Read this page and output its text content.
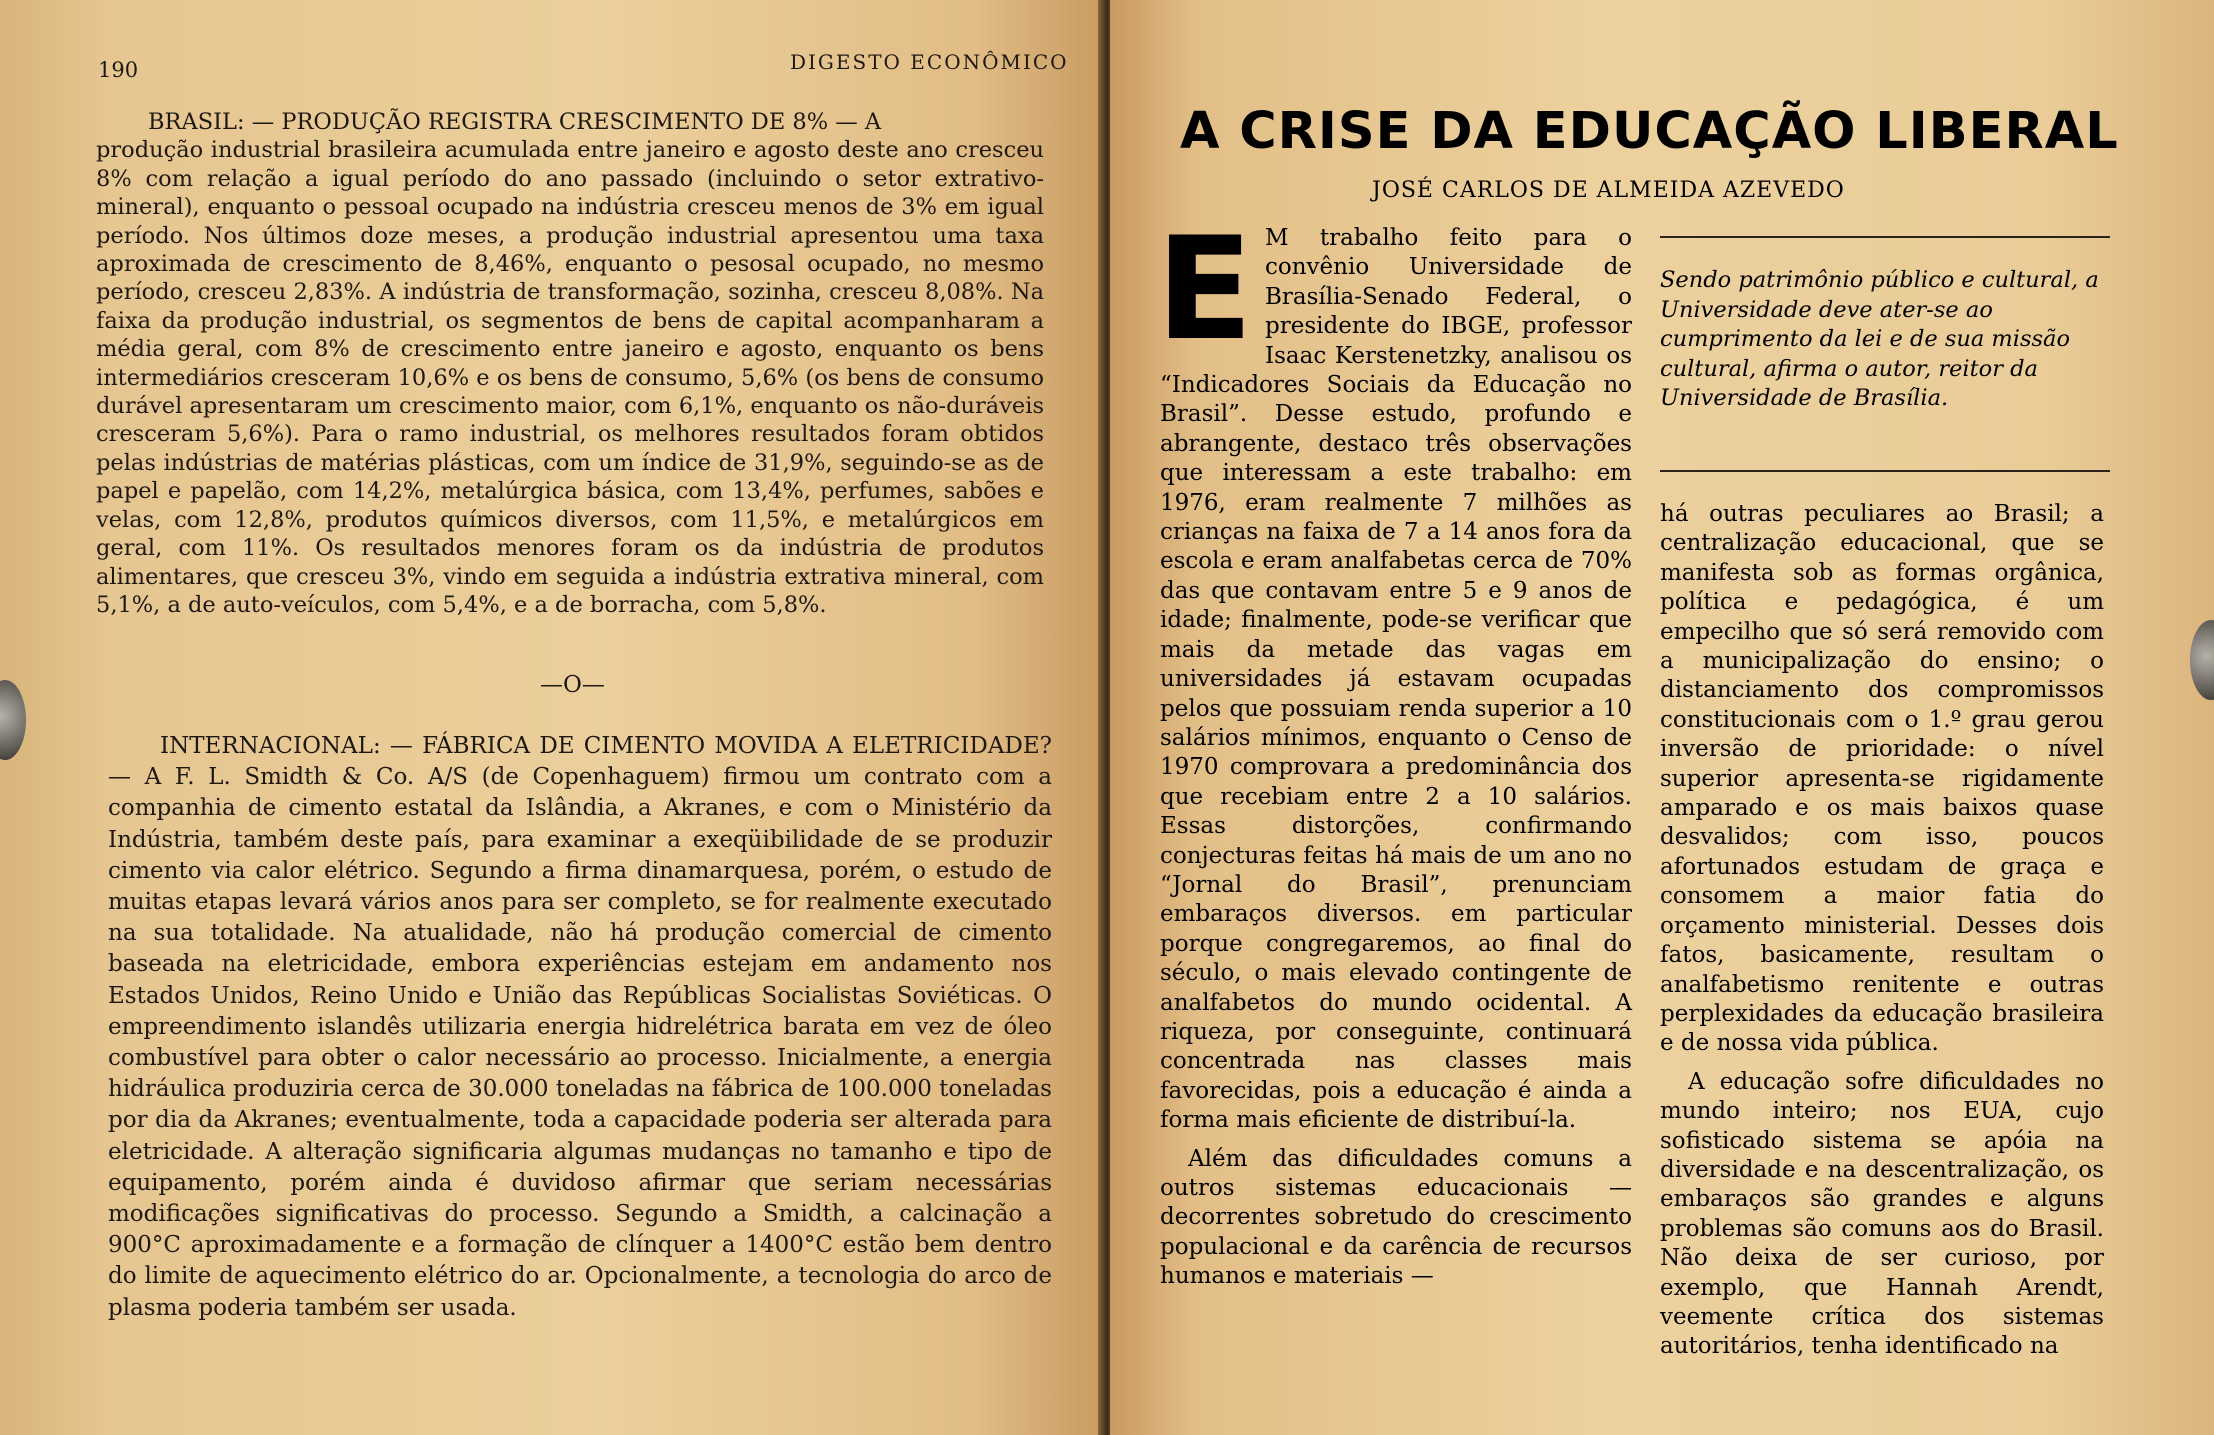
190	DIGESTO ECONÔMICO

BRASIL: — PRODUÇÃO REGISTRA CRESCIMENTO DE 8% — A
produção industrial brasileira acumulada entre janeiro e agosto deste ano cresceu 8% com relação a igual período do ano passado (incluindo o setor extrativo-mineral), enquanto o pessoal ocupado na indústria cresceu menos de 3% em igual período. Nos últimos doze meses, a produção industrial apresentou uma taxa aproximada de crescimento de 8,46%, enquanto o pesosal ocupado, no mesmo período, cresceu 2,83%. A indústria de transformação, sozinha, cresceu 8,08%. Na faixa da produção industrial, os segmentos de bens de capital acompanharam a média geral, com 8% de crescimento entre janeiro e agosto, enquanto os bens intermediários cresceram 10,6% e os bens de consumo, 5,6% (os bens de consumo durável apresentaram um crescimento maior, com 6,1%, enquanto os não-duráveis cresceram 5,6%). Para o ramo industrial, os melhores resultados foram obtidos pelas indústrias de matérias plásticas, com um índice de 31,9%, seguindo-se as de papel e papelão, com 14,2%, metalúrgica básica, com 13,4%, perfumes, sabões e velas, com 12,8%, produtos químicos diversos, com 11,5%, e metalúrgicos em geral, com 11%. Os resultados menores foram os da indústria de produtos alimentares, que cresceu 3%, vindo em seguida a indústria extrativa mineral, com 5,1%, a de auto-veículos, com 5,4%, e a de borracha, com 5,8%.

—O—

INTERNACIONAL: — FÁBRICA DE CIMENTO MOVIDA A ELETRICIDADE? — A F. L. Smidth & Co. A/S (de Copenhaguem) firmou um contrato com a companhia de cimento estatal da Islândia, a Akranes, e com o Ministério da Indústria, também deste país, para examinar a exeqüibilidade de se produzir cimento via calor elétrico. Segundo a firma dinamarquesa, porém, o estudo de muitas etapas levará vários anos para ser completo, se for realmente executado na sua totalidade. Na atualidade, não há produção comercial de cimento baseada na eletricidade, embora experiências estejam em andamento nos Estados Unidos, Reino Unido e União das Repúblicas Socialistas Soviéticas. O empreendimento islandês utilizaria energia hidrelétrica barata em vez de óleo combustível para obter o calor necessário ao processo. Inicialmente, a energia hidráulica produziria cerca de 30.000 toneladas na fábrica de 100.000 toneladas por dia da Akranes; eventualmente, toda a capacidade poderia ser alterada para eletricidade. A alteração significaria algumas mudanças no tamanho e tipo de equipamento, porém ainda é duvidoso afirmar que seriam necessárias modificações significativas do processo. Segundo a Smidth, a calcinação a 900°C aproximadamente e a formação de clínquer a 1400°C estão bem dentro do limite de aquecimento elétrico do ar. Opcionalmente, a tecnologia do arco de plasma poderia também ser usada.

A CRISE DA EDUCAÇÃO LIBERAL
JOSÉ CARLOS DE ALMEIDA AZEVEDO

E M trabalho feito para o convênio Universidade de Brasília-Senado Federal, o presidente do IBGE, professor Isaac Kerstenetzky, analisou os “Indicadores Sociais da Educação no Brasil”. Desse estudo, profundo e abrangente, destaco três observações que interessam a este trabalho: em 1976, eram realmente 7 milhões as crianças na faixa de 7 a 14 anos fora da escola e eram analfabetas cerca de 70% das que contavam entre 5 e 9 anos de idade; finalmente, pode-se verificar que mais da metade das vagas em universidades já estavam ocupadas pelos que possuiam renda superior a 10 salários mínimos, enquanto o Censo de 1970 comprovara a predominância dos que recebiam entre 2 a 10 salários. Essas distorções, confirmando conjecturas feitas há mais de um ano no “Jornal do Brasil”, prenunciam embaraços diversos. em particular porque congregaremos, ao final do século, o mais elevado contingente de analfabetos do mundo ocidental. A riqueza, por conseguinte, continuará concentrada nas classes mais favorecidas, pois a educação é ainda a forma mais eficiente de distribuí-la.

Além das dificuldades comuns a outros sistemas educacionais — decorrentes sobretudo do crescimento populacional e da carência de recursos humanos e materiais —

Sendo patrimônio público e cultural, a Universidade deve ater-se ao cumprimento da lei e de sua missão cultural, afirma o autor, reitor da Universidade de Brasília.

há outras peculiares ao Brasil; a centralização educacional, que se manifesta sob as formas orgânica, política e pedagógica, é um empecilho que só será removido com a municipalização do ensino; o distanciamento dos compromissos constitucionais com o 1.º grau gerou inversão de prioridade: o nível superior apresenta-se rigidamente amparado e os mais baixos quase desvalidos; com isso, poucos afortunados estudam de graça e consomem a maior fatia do orçamento ministerial. Desses dois fatos, basicamente, resultam o analfabetismo renitente e outras perplexidades da educação brasileira e de nossa vida pública.

A educação sofre dificuldades no mundo inteiro; nos EUA, cujo sofisticado sistema se apóia na diversidade e na descentralização, os embaraços são grandes e alguns problemas são comuns aos do Brasil. Não deixa de ser curioso, por exemplo, que Hannah Arendt, veemente crítica dos sistemas autoritários, tenha identificado na
